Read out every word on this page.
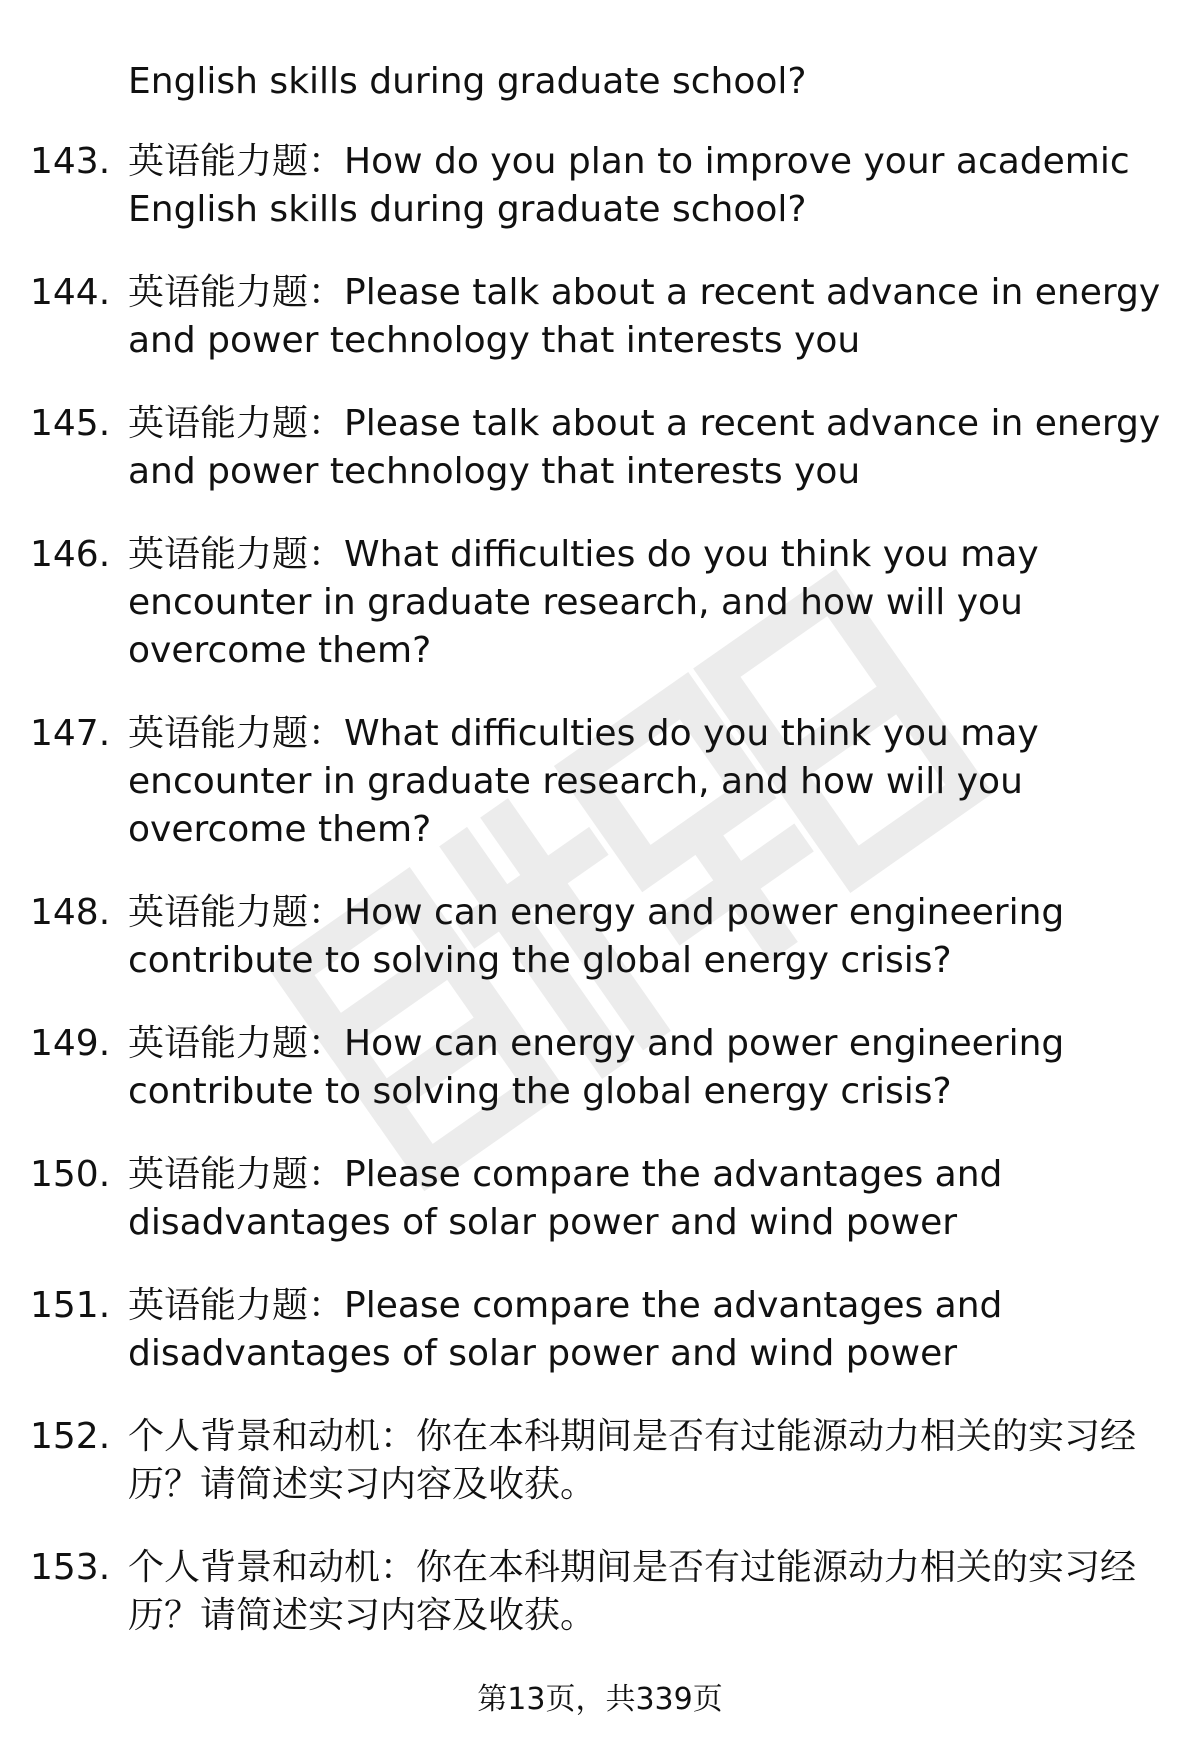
English skills during graduate school?
143. 英语能力题：How do you plan to improve your academic
English skills during graduate school?
144. 英语能力题：Please talk about a recent advance in energy
and power technology that interests you
145. 英语能力题：Please talk about a recent advance in energy
and power technology that interests you
146. 英语能力题：What difficulties do you think you may
encounter in graduate research, and how will you
overcome them?
147. 英语能力题：What difficulties do you think you may
encounter in graduate research, and how will you
overcome them?
148. 英语能力题：How can energy and power engineering
contribute to solving the global energy crisis?
149. 英语能力题：How can energy and power engineering
contribute to solving the global energy crisis?
150. 英语能力题：Please compare the advantages and
disadvantages of solar power and wind power
151. 英语能力题：Please compare the advantages and
disadvantages of solar power and wind power
152. 个人背景和动机：你在本科期间是否有过能源动力相关的实习经
历？请简述实习内容及收获。
153. 个人背景和动机：你在本科期间是否有过能源动力相关的实习经
历？请简述实习内容及收获。
第13页，共339页
